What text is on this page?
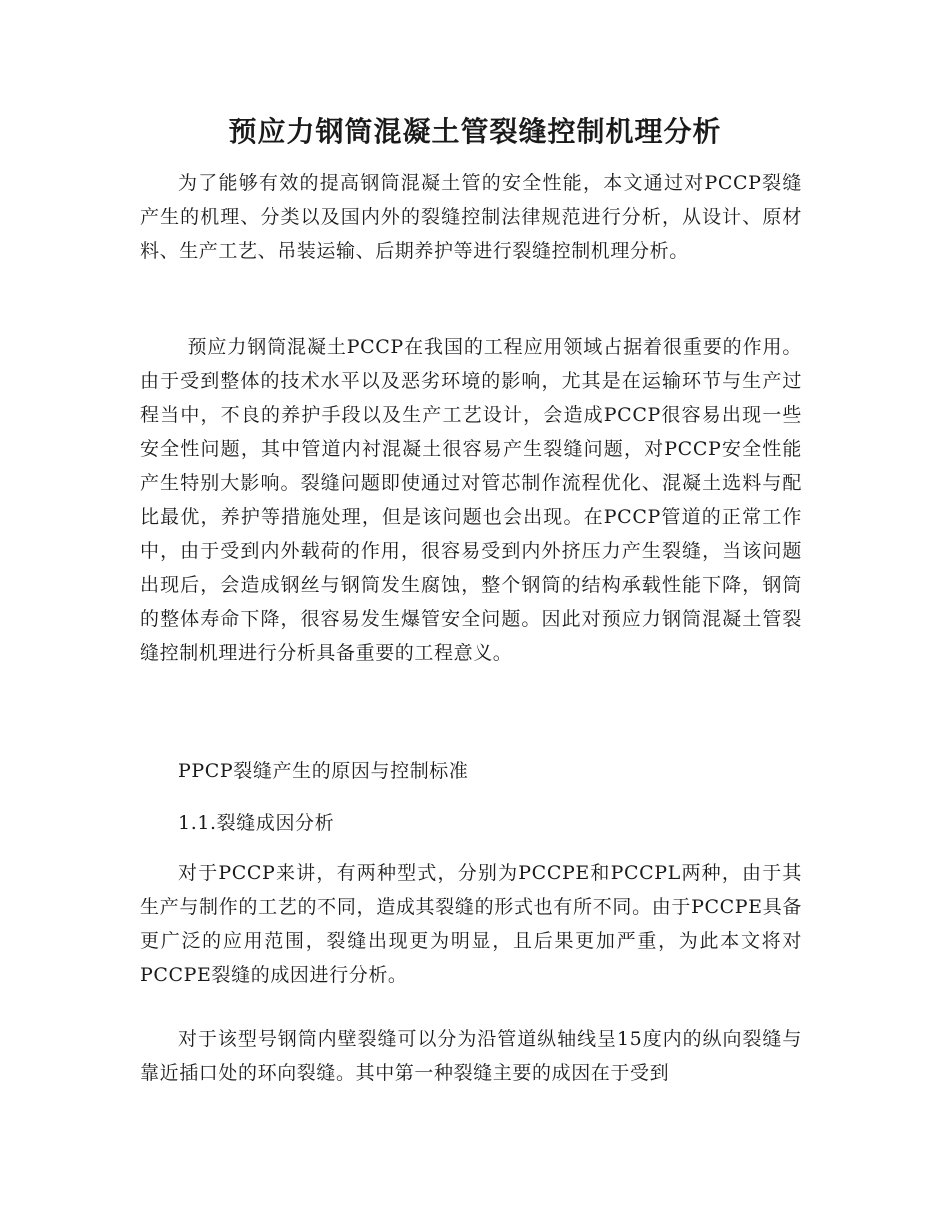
预应力钢筒混凝土管裂缝控制机理分析

为了能够有效的提高钢筒混凝土管的安全性能，本文通过对PCCP裂缝产生的机理、分类以及国内外的裂缝控制法律规范进行分析，从设计、原材料、生产工艺、吊装运输、后期养护等进行裂缝控制机理分析。

预应力钢筒混凝土PCCP在我国的工程应用领域占据着很重要的作用。由于受到整体的技术水平以及恶劣环境的影响，尤其是在运输环节与生产过程当中，不良的养护手段以及生产工艺设计，会造成PCCP很容易出现一些安全性问题，其中管道内衬混凝土很容易产生裂缝问题，对PCCP安全性能产生特别大影响。裂缝问题即使通过对管芯制作流程优化、混凝土选料与配比最优，养护等措施处理，但是该问题也会出现。在PCCP管道的正常工作中，由于受到内外载荷的作用，很容易受到内外挤压力产生裂缝，当该问题出现后，会造成钢丝与钢筒发生腐蚀，整个钢筒的结构承载性能下降，钢筒的整体寿命下降，很容易发生爆管安全问题。因此对预应力钢筒混凝土管裂缝控制机理进行分析具备重要的工程意义。

PPCP裂缝产生的原因与控制标准

1.1.裂缝成因分析

对于PCCP来讲，有两种型式，分别为PCCPE和PCCPL两种，由于其生产与制作的工艺的不同，造成其裂缝的形式也有所不同。由于PCCPE具备更广泛的应用范围，裂缝出现更为明显，且后果更加严重，为此本文将对PCCPE裂缝的成因进行分析。

对于该型号钢筒内壁裂缝可以分为沿管道纵轴线呈15度内的纵向裂缝与靠近插口处的环向裂缝。其中第一种裂缝主要的成因在于受到
